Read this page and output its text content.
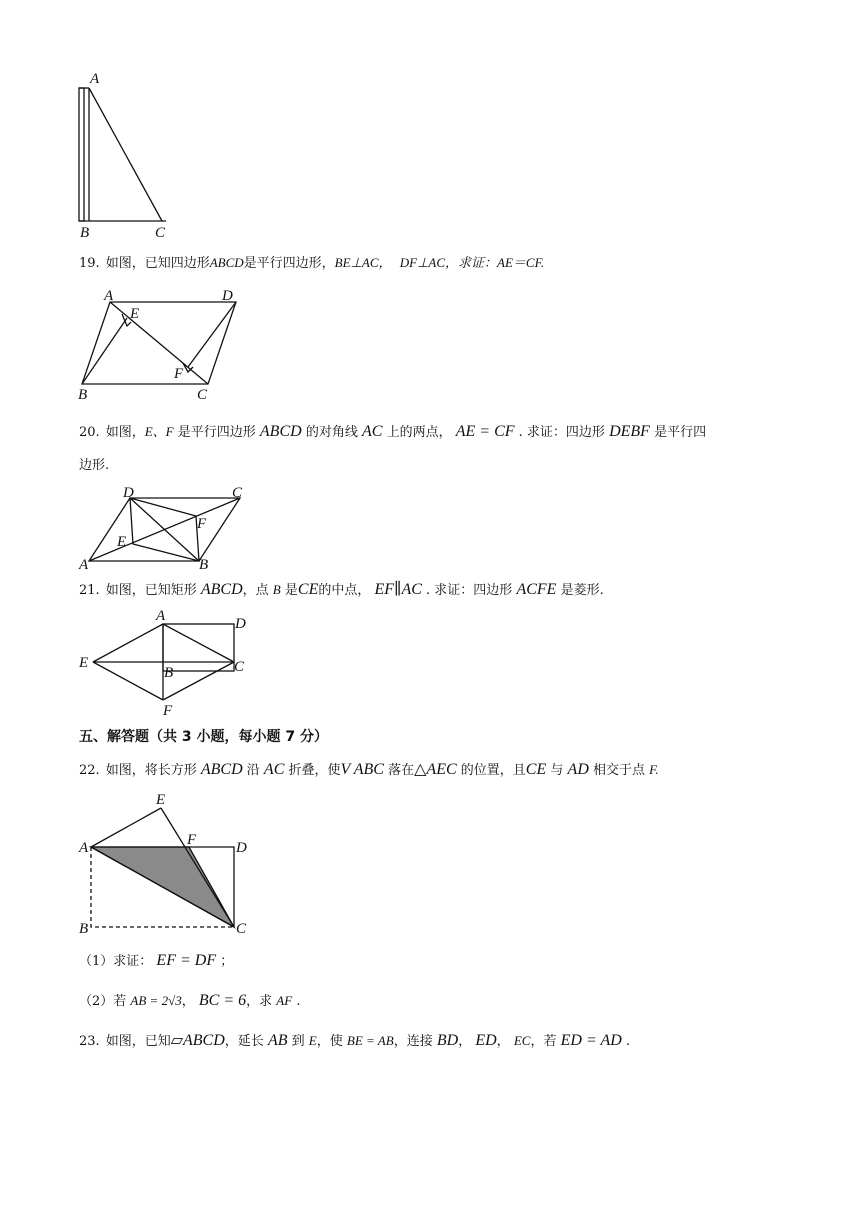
A
B	C
19. 如图，已知四边形ABCD是平行四边形，BE⊥AC， DF⊥AC，求证：AE＝CF.
A	D
E
F
B	C
20. 如图，E、F 是平行四边形 ABCD 的对角线 AC 上的两点， AE = CF . 求证：四边形 DEBF 是平行四
边形.
D	C
F
E
A	B
21. 如图，已知矩形 ABCD，点 B 是CE的中点， EF∥AC . 求证：四边形 ACFE 是菱形.
A	D
E
B	C
F
五、解答题（共 3 小题，每小题 7 分）
22. 如图，将长方形 ABCD 沿 AC 折叠，使V ABC 落在△AEC 的位置，且CE 与 AD 相交于点 F.
E
A	F	D
B	C
（1）求证： EF = DF ；
（2）若 AB = 2√3， BC = 6，求 AF .
23. 如图，已知▱ABCD，延长 AB 到 E，使 BE = AB，连接 BD， ED， EC，若 ED = AD .
